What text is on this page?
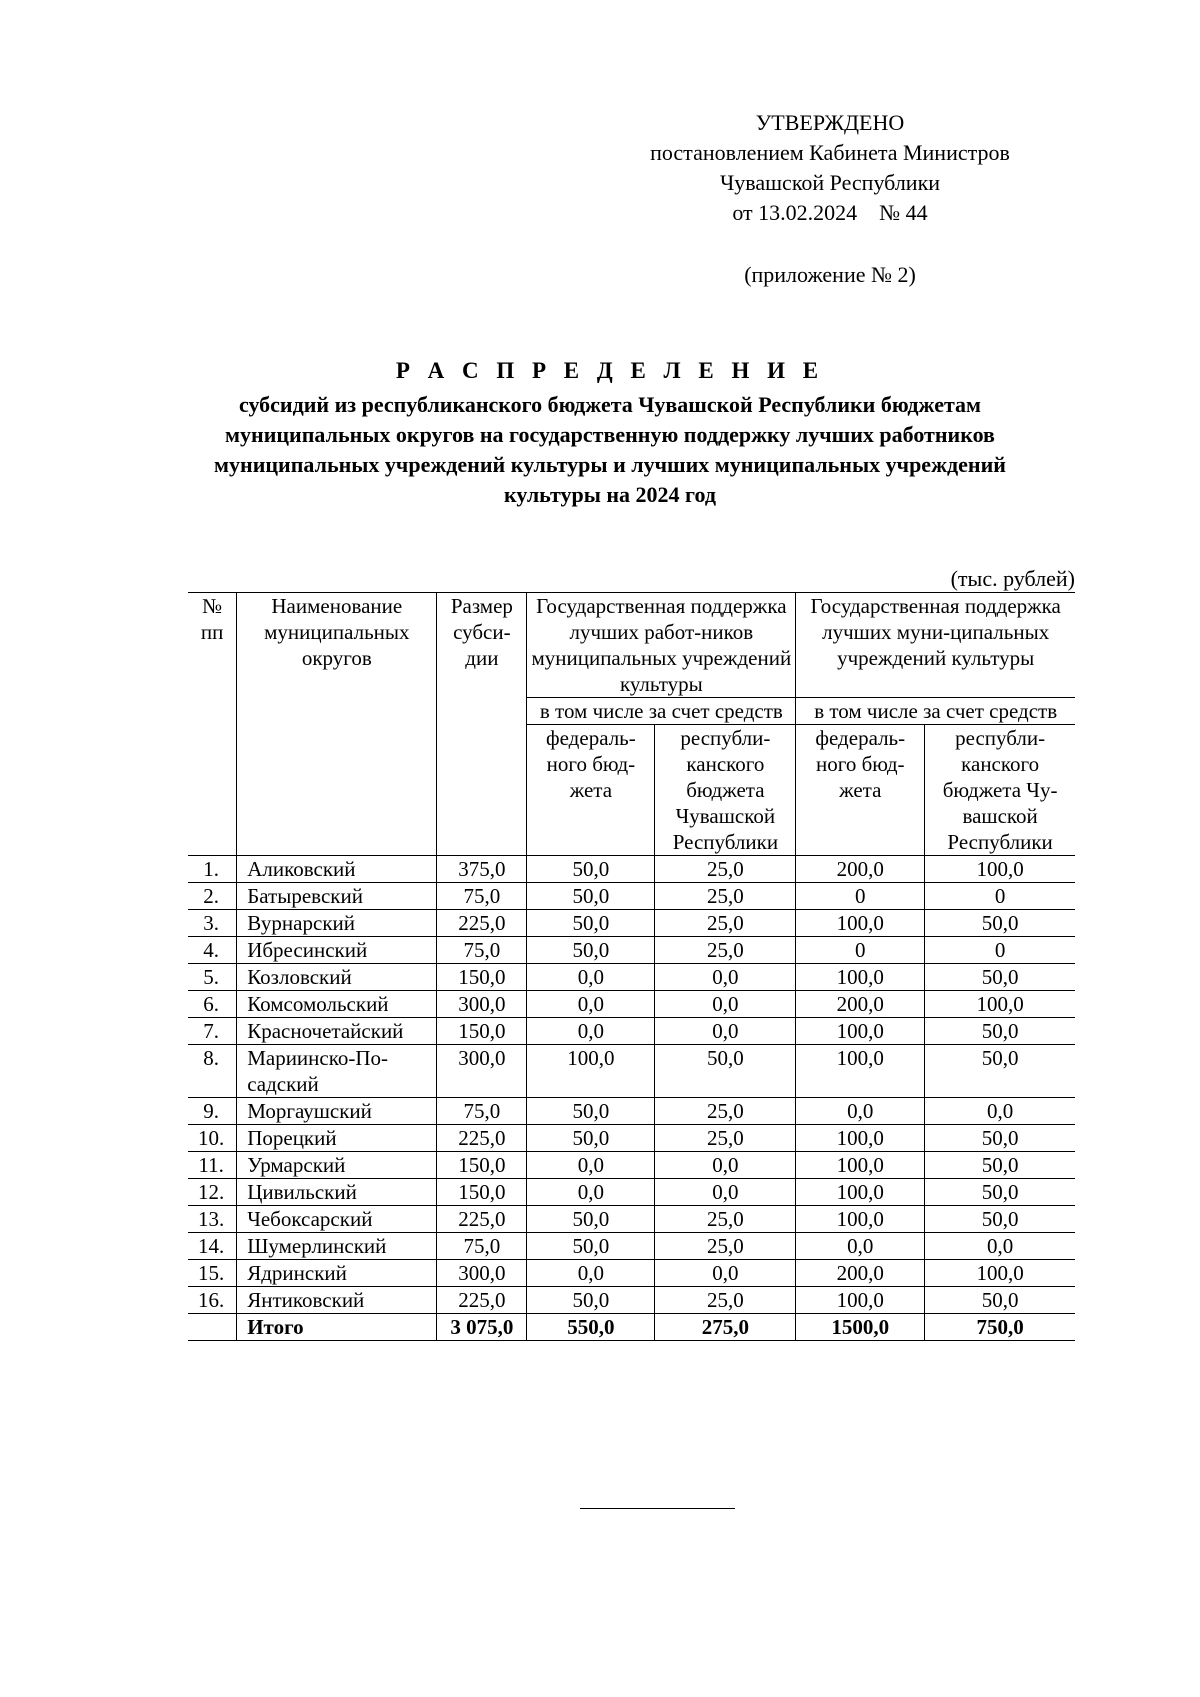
УТВЕРЖДЕНО
постановлением Кабинета Министров
Чувашской Республики
от 13.02.2024    № 44
(приложение № 2)
Р А С П Р Е Д Е Л Е Н И Е
субсидий из республиканского бюджета Чувашской Республики бюджетам муниципальных округов на государственную поддержку лучших работников муниципальных учреждений культуры и лучших муниципальных учреждений культуры на 2024 год
(тыс. рублей)
№ пп	Наименование муниципальных округов	Размер субси-дии	Государственная поддержка лучших работ-ников муниципальных учреждений культуры		Государственная поддержка лучших муни-ципальных учреждений культуры	
			в том числе за счет средств		в том числе за счет средств	
			федераль-ного бюд-жета	республи-канского бюджета Чувашской Республики	федераль-ного бюд-жета	республи-канского бюджета Чу-вашской Республики
1.	Аликовский	375,0	50,0	25,0	200,0	100,0
2.	Батыревский	75,0	50,0	25,0	0	0
3.	Вурнарский	225,0	50,0	25,0	100,0	50,0
4.	Ибресинский	75,0	50,0	25,0	0	0
5.	Козловский	150,0	0,0	0,0	100,0	50,0
6.	Комсомольский	300,0	0,0	0,0	200,0	100,0
7.	Красночетайский	150,0	0,0	0,0	100,0	50,0
8.	Мариинско-По-садский	300,0	100,0	50,0	100,0	50,0
9.	Моргаушский	75,0	50,0	25,0	0,0	0,0
10.	Порецкий	225,0	50,0	25,0	100,0	50,0
11.	Урмарский	150,0	0,0	0,0	100,0	50,0
12.	Цивильский	150,0	0,0	0,0	100,0	50,0
13.	Чебоксарский	225,0	50,0	25,0	100,0	50,0
14.	Шумерлинский	75,0	50,0	25,0	0,0	0,0
15.	Ядринский	300,0	0,0	0,0	200,0	100,0
16.	Янтиковский	225,0	50,0	25,0	100,0	50,0
	Итого	3 075,0	550,0	275,0	1500,0	750,0
